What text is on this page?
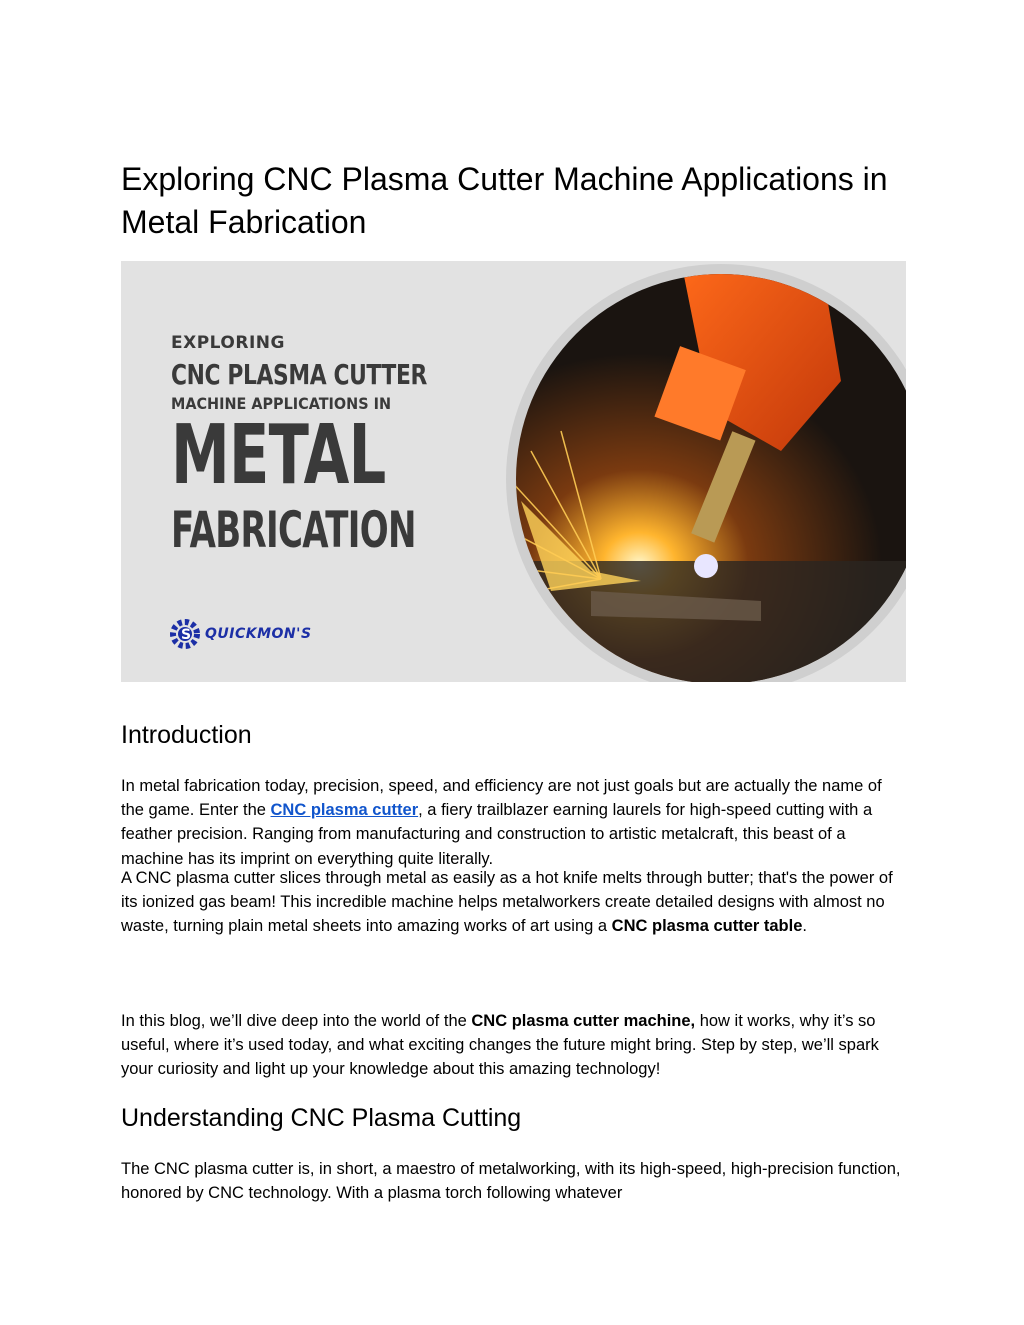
Exploring CNC Plasma Cutter Machine Applications in Metal Fabrication
EXPLORING
CNC PLASMA CUTTER
MACHINE APPLICATIONS IN
METAL
FABRICATION
S QUICKMON'S
Introduction

In metal fabrication today, precision, speed, and efficiency are not just goals but are actually the name of the game. Enter the CNC plasma cutter, a fiery trailblazer earning laurels for high-speed cutting with a feather precision. Ranging from manufacturing and construction to artistic metalcraft, this beast of a machine has its imprint on everything quite literally.

A CNC plasma cutter slices through metal as easily as a hot knife melts through butter; that's the power of its ionized gas beam! This incredible machine helps metalworkers create detailed designs with almost no waste, turning plain metal sheets into amazing works of art using a CNC plasma cutter table.

In this blog, we’ll dive deep into the world of the CNC plasma cutter machine, how it works, why it’s so useful, where it’s used today, and what exciting changes the future might bring. Step by step, we’ll spark your curiosity and light up your knowledge about this amazing technology!

Understanding CNC Plasma Cutting

The CNC plasma cutter is, in short, a maestro of metalworking, with its high-speed, high-precision function, honored by CNC technology. With a plasma torch following whatever
